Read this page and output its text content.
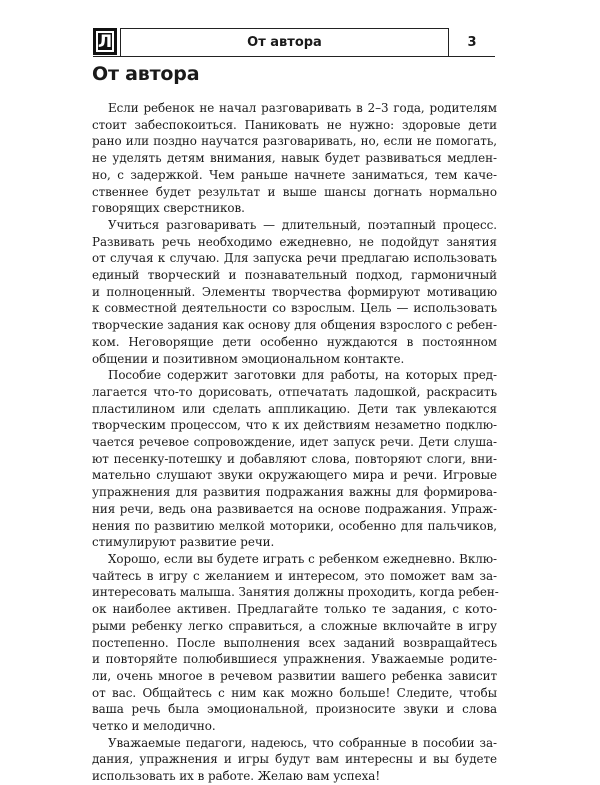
Л	От автора	3
От автора
Если ребенок не начал разговаривать в 2–3 года, родителям
стоит забеспокоиться. Паниковать не нужно: здоровые дети
рано или поздно научатся разговаривать, но, если не помогать,
не уделять детям внимания, навык будет развиваться медлен-
но, с задержкой. Чем раньше начнете заниматься, тем каче-
ственнее будет результат и выше шансы догнать нормально
говорящих сверстников.
Учиться разговаривать — длительный, поэтапный процесс.
Развивать речь необходимо ежедневно, не подойдут занятия
от случая к случаю. Для запуска речи предлагаю использовать
единый творческий и познавательный подход, гармоничный
и полноценный. Элементы творчества формируют мотивацию
к совместной деятельности со взрослым. Цель — использовать
творческие задания как основу для общения взрослого с ребен-
ком. Неговорящие дети особенно нуждаются в постоянном
общении и позитивном эмоциональном контакте.
Пособие содержит заготовки для работы, на которых пред-
лагается что-то дорисовать, отпечатать ладошкой, раскрасить
пластилином или сделать аппликацию. Дети так увлекаются
творческим процессом, что к их действиям незаметно подклю-
чается речевое сопровождение, идет запуск речи. Дети слуша-
ют песенку-потешку и добавляют слова, повторяют слоги, вни-
мательно слушают звуки окружающего мира и речи. Игровые
упражнения для развития подражания важны для формирова-
ния речи, ведь она развивается на основе подражания. Упраж-
нения по развитию мелкой моторики, особенно для пальчиков,
стимулируют развитие речи.
Хорошо, если вы будете играть с ребенком ежедневно. Вклю-
чайтесь в игру с желанием и интересом, это поможет вам за-
интересовать малыша. Занятия должны проходить, когда ребен-
ок наиболее активен. Предлагайте только те задания, с кото-
рыми ребенку легко справиться, а сложные включайте в игру
постепенно. После выполнения всех заданий возвращайтесь
и повторяйте полюбившиеся упражнения. Уважаемые родите-
ли, очень многое в речевом развитии вашего ребенка зависит
от вас. Общайтесь с ним как можно больше! Следите, чтобы
ваша речь была эмоциональной, произносите звуки и слова
четко и мелодично.
Уважаемые педагоги, надеюсь, что собранные в пособии за-
дания, упражнения и игры будут вам интересны и вы будете
использовать их в работе. Желаю вам успеха!
